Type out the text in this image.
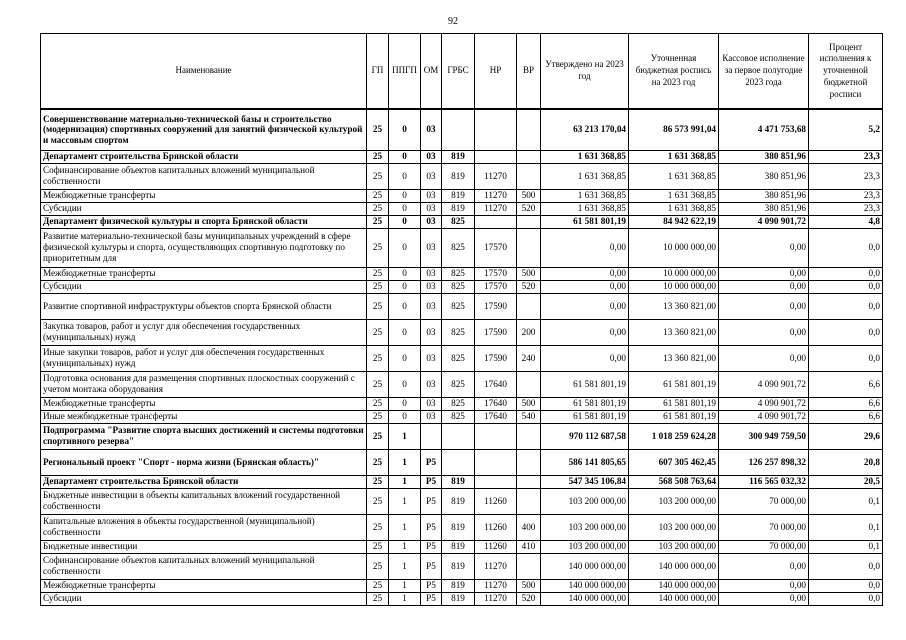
92
Наименование	ГП	ППГП	ОМ	ГРБС	НР	ВР	Утверждено на 2023 год	Уточненная бюджетная роспись на 2023 год	Кассовое исполнение за первое полугодие 2023 года	Процент исполнения к уточненной бюджетной росписи
Совершенствование материально-технической базы и строительство (модернизация) спортивных сооружений для занятий физической культурой и массовым спортом	25	0	03				63 213 170,04	86 573 991,04	4 471 753,68	5,2
Департамент строительства Брянской области	25	0	03	819			1 631 368,85	1 631 368,85	380 851,96	23,3
Софинансирование объектов капитальных вложений муниципальной собственности	25	0	03	819	11270		1 631 368,85	1 631 368,85	380 851,96	23,3
Межбюджетные трансферты	25	0	03	819	11270	500	1 631 368,85	1 631 368,85	380 851,96	23,3
Субсидии	25	0	03	819	11270	520	1 631 368,85	1 631 368,85	380 851,96	23,3
Департамент физической культуры и спорта Брянской области	25	0	03	825			61 581 801,19	84 942 622,19	4 090 901,72	4,8
Развитие материально-технической базы муниципальных учреждений в сфере физической культуры и спорта, осуществляющих спортивную подготовку по приоритетным для	25	0	03	825	17570		0,00	10 000 000,00	0,00	0,0
Межбюджетные трансферты	25	0	03	825	17570	500	0,00	10 000 000,00	0,00	0,0
Субсидии	25	0	03	825	17570	520	0,00	10 000 000,00	0,00	0,0
Развитие спортивной инфраструктуры объектов спорта Брянской области	25	0	03	825	17590		0,00	13 360 821,00	0,00	0,0
Закупка товаров, работ и услуг для обеспечения государственных (муниципальных) нужд	25	0	03	825	17590	200	0,00	13 360 821,00	0,00	0,0
Иные закупки товаров, работ и услуг для обеспечения государственных (муниципальных) нужд	25	0	03	825	17590	240	0,00	13 360 821,00	0,00	0,0
Подготовка основания для размещения спортивных плоскостных сооружений с учетом монтажа оборудования	25	0	03	825	17640		61 581 801,19	61 581 801,19	4 090 901,72	6,6
Межбюджетные трансферты	25	0	03	825	17640	500	61 581 801,19	61 581 801,19	4 090 901,72	6,6
Иные межбюджетные трансферты	25	0	03	825	17640	540	61 581 801,19	61 581 801,19	4 090 901,72	6,6
Подпрограмма "Развитие спорта высших достижений и системы подготовки спортивного резерва"	25	1					970 112 687,58	1 018 259 624,28	300 949 759,50	29,6
Региональный проект "Спорт - норма жизни (Брянская область)"	25	1	P5				586 141 805,65	607 305 462,45	126 257 898,32	20,8
Департамент строительства Брянской области	25	1	P5	819			547 345 106,84	568 508 763,64	116 565 032,32	20,5
Бюджетные инвестиции в объекты капитальных вложений государственной собственности	25	1	P5	819	11260		103 200 000,00	103 200 000,00	70 000,00	0,1
Капитальные вложения в объекты государственной (муниципальной) собственности	25	1	P5	819	11260	400	103 200 000,00	103 200 000,00	70 000,00	0,1
Бюджетные инвестиции	25	1	P5	819	11260	410	103 200 000,00	103 200 000,00	70 000,00	0,1
Софинансирование объектов капитальных вложений муниципальной собственности	25	1	P5	819	11270		140 000 000,00	140 000 000,00	0,00	0,0
Межбюджетные трансферты	25	1	P5	819	11270	500	140 000 000,00	140 000 000,00	0,00	0,0
Субсидии	25	1	P5	819	11270	520	140 000 000,00	140 000 000,00	0,00	0,0
